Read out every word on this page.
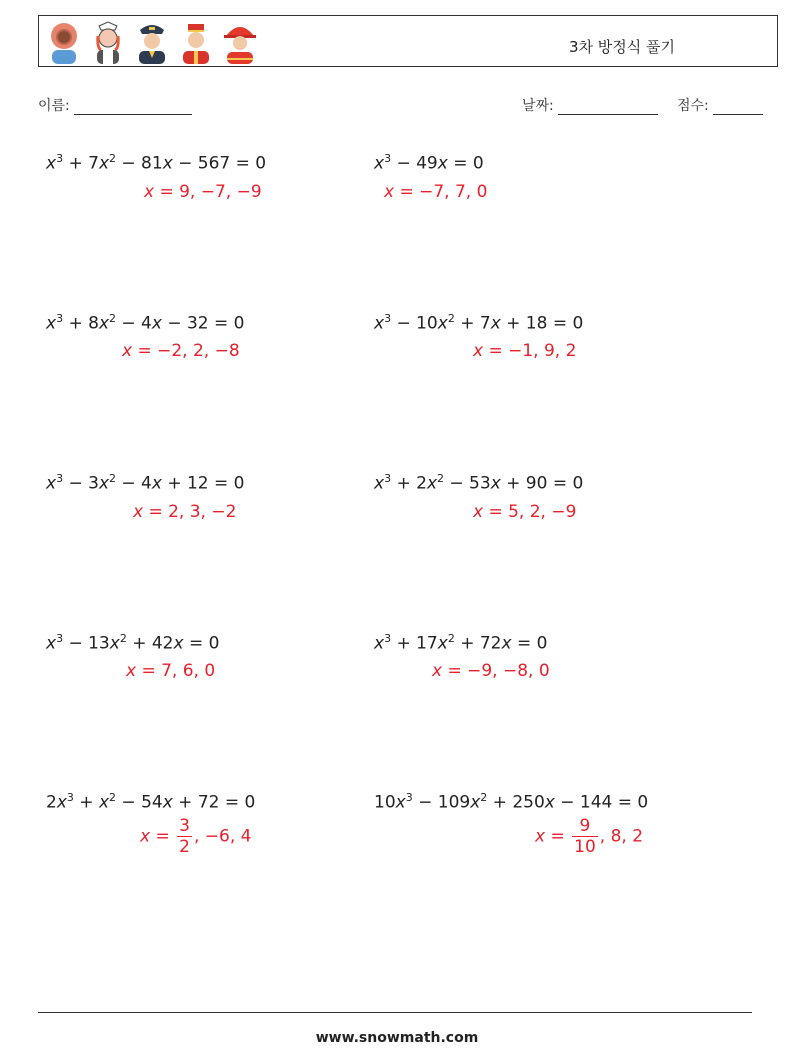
3차 방정식 풀기
이름:	날짜:	점수:
$x^3 + 7x^2 - 81x - 567 = 0$
x = 9, −7, −9
$x^3 - 49x = 0$
x = −7, 7, 0
$x^3 + 8x^2 - 4x - 32 = 0$
x = −2, 2, −8
$x^3 - 10x^2 + 7x + 18 = 0$
x = −1, 9, 2
$x^3 - 3x^2 - 4x + 12 = 0$
x = 2, 3, −2
$x^3 + 2x^2 - 53x + 90 = 0$
x = 5, 2, −9
$x^3 - 13x^2 + 42x = 0$
x = 7, 6, 0
$x^3 + 17x^2 + 72x = 0$
x = −9, −8, 0
$2x^3 + x^2 - 54x + 72 = 0$
$x = \frac{3}{2}$ , −6, 4
$10x^3 - 109x^2 + 250x - 144 = 0$
$x = \frac{9}{10}$ , 8, 2
www.snowmath.com
